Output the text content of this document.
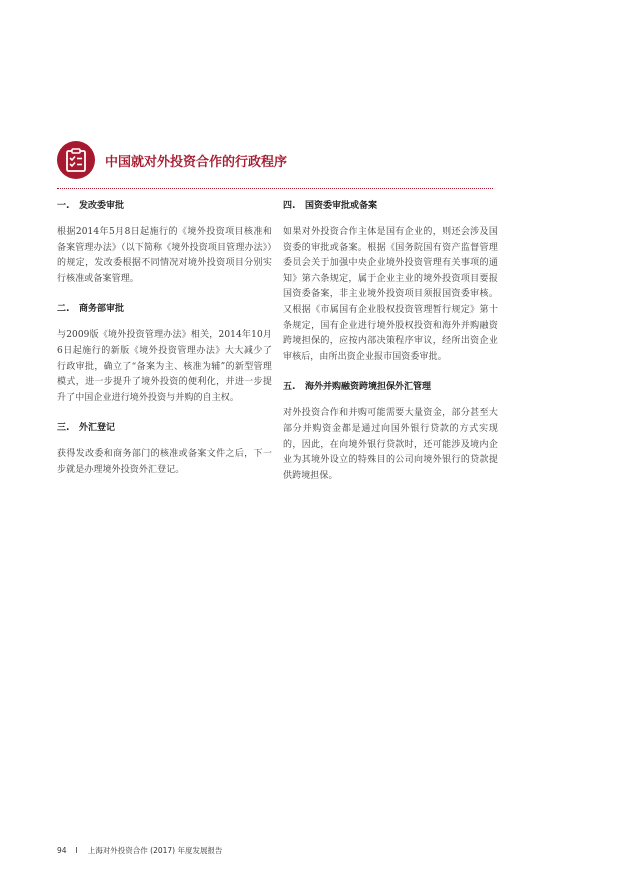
中国就对外投资合作的行政程序
一. 发改委审批

根据2014年5月8日起施行的《境外投资项目核准和备案管理办法》（以下简称《境外投资项目管理办法》）的规定，发改委根据不同情况对境外投资项目分别实行核准或备案管理。

二. 商务部审批

与2009版《境外投资管理办法》相关，2014年10月6日起施行的新版《境外投资管理办法》大大减少了行政审批，确立了“备案为主、核准为辅”的新型管理模式，进一步提升了境外投资的便利化，并进一步提升了中国企业进行境外投资与并购的自主权。

三. 外汇登记

获得发改委和商务部门的核准或备案文件之后，下一步就是办理境外投资外汇登记。

四. 国资委审批或备案

如果对外投资合作主体是国有企业的，则还会涉及国资委的审批或备案。根据《国务院国有资产监督管理委员会关于加强中央企业境外投资管理有关事项的通知》第六条规定，属于企业主业的境外投资项目要报国资委备案，非主业境外投资项目须报国资委审核。又根据《市属国有企业股权投资管理暂行规定》第十条规定，国有企业进行境外股权投资和海外并购融资跨境担保的，应按内部决策程序审议，经所出资企业审核后，由所出资企业报市国资委审批。

五. 海外并购融资跨境担保外汇管理

对外投资合作和并购可能需要大量资金，部分甚至大部分并购资金都是通过向国外银行贷款的方式实现的，因此，在向境外银行贷款时，还可能涉及境内企业为其境外设立的特殊目的公司向境外银行的贷款提供跨境担保。

94 I 上海对外投资合作 (2017) 年度发展报告
